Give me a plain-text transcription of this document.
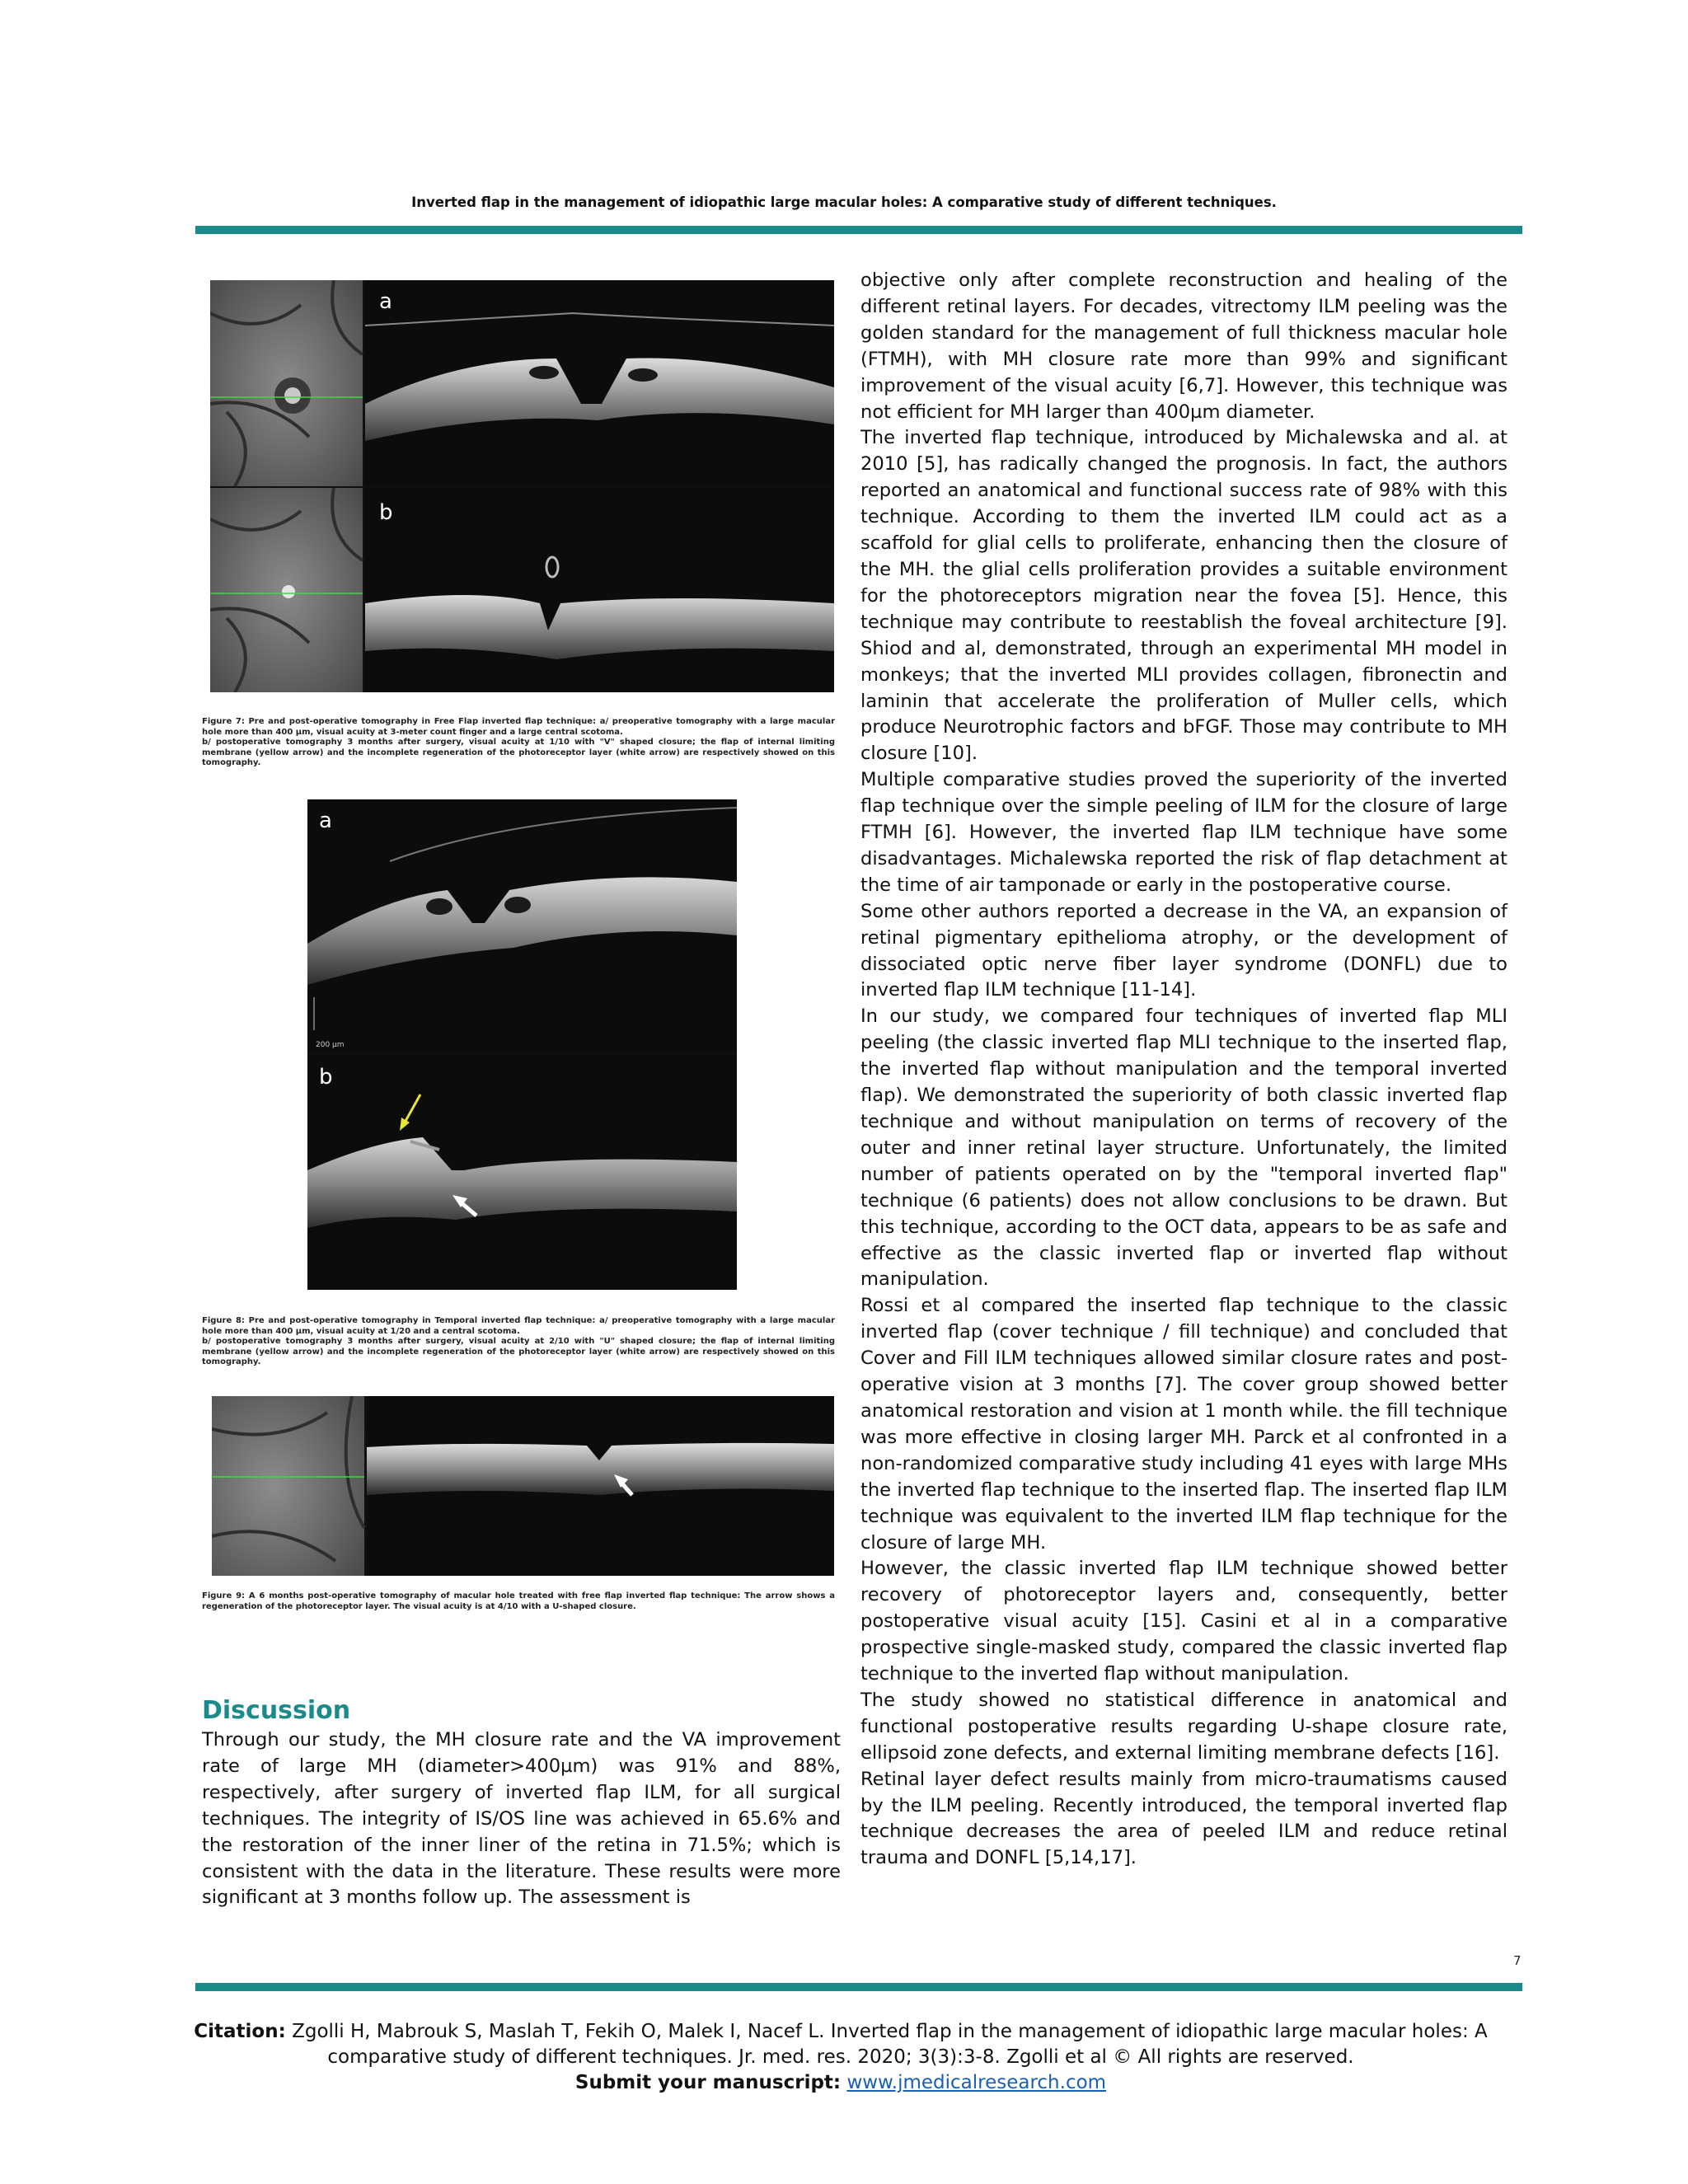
Inverted flap in the management of idiopathic large macular holes: A comparative study of different techniques.
a
b

Figure 7: Pre and post-operative tomography in Free Flap inverted flap technique: a/ preoperative tomography with a large macular hole more than 400 µm, visual acuity at 3-meter count finger and a large central scotoma.

b/ postoperative tomography 3 months after surgery, visual acuity at 1/10 with "V" shaped closure; the flap of internal limiting membrane (yellow arrow) and the incomplete regeneration of the photoreceptor layer (white arrow) are respectively showed on this tomography.

200 µm
a
b

Figure 8: Pre and post-operative tomography in Temporal inverted flap technique: a/ preoperative tomography with a large macular hole more than 400 µm, visual acuity at 1/20 and a central scotoma.

b/ postoperative tomography 3 months after surgery, visual acuity at 2/10 with "U" shaped closure; the flap of internal limiting membrane (yellow arrow) and the incomplete regeneration of the photoreceptor layer (white arrow) are respectively showed on this tomography.

Figure 9: A 6 months post-operative tomography of macular hole treated with free flap inverted flap technique: The arrow shows a regeneration of the photoreceptor layer. The visual acuity is at 4/10 with a U-shaped closure.

Discussion

Through our study, the MH closure rate and the VA improvement rate of large MH (diameter>400µm) was 91% and 88%, respectively, after surgery of inverted flap ILM, for all surgical techniques. The integrity of IS/OS line was achieved in 65.6% and the restoration of the inner liner of the retina in 71.5%; which is consistent with the data in the literature. These results were more significant at 3 months follow up. The assessment is

objective only after complete reconstruction and healing of the different retinal layers. For decades, vitrectomy ILM peeling was the golden standard for the management of full thickness macular hole (FTMH), with MH closure rate more than 99% and significant improvement of the visual acuity [6,7]. However, this technique was not efficient for MH larger than 400µm diameter.

The inverted flap technique, introduced by Michalewska and al. at 2010 [5], has radically changed the prognosis. In fact, the authors reported an anatomical and functional success rate of 98% with this technique. According to them the inverted ILM could act as a scaffold for glial cells to proliferate, enhancing then the closure of the MH. the glial cells proliferation provides a suitable environment for the photoreceptors migration near the fovea [5]. Hence, this technique may contribute to reestablish the foveal architecture [9]. Shiod and al, demonstrated, through an experimental MH model in monkeys; that the inverted MLI provides collagen, fibronectin and laminin that accelerate the proliferation of Muller cells, which produce Neurotrophic factors and bFGF. Those may contribute to MH closure [10].

Multiple comparative studies proved the superiority of the inverted flap technique over the simple peeling of ILM for the closure of large FTMH [6]. However, the inverted flap ILM technique have some disadvantages. Michalewska reported the risk of flap detachment at the time of air tamponade or early in the postoperative course.

Some other authors reported a decrease in the VA, an expansion of retinal pigmentary epithelioma atrophy, or the development of dissociated optic nerve fiber layer syndrome (DONFL) due to inverted flap ILM technique [11-14].

In our study, we compared four techniques of inverted flap MLI peeling (the classic inverted flap MLI technique to the inserted flap, the inverted flap without manipulation and the temporal inverted flap). We demonstrated the superiority of both classic inverted flap technique and without manipulation on terms of recovery of the outer and inner retinal layer structure. Unfortunately, the limited number of patients operated on by the "temporal inverted flap" technique (6 patients) does not allow conclusions to be drawn. But this technique, according to the OCT data, appears to be as safe and effective as the classic inverted flap or inverted flap without manipulation.

Rossi et al compared the inserted flap technique to the classic inverted flap (cover technique / fill technique) and concluded that Cover and Fill ILM techniques allowed similar closure rates and post-operative vision at 3 months [7]. The cover group showed better anatomical restoration and vision at 1 month while. the fill technique was more effective in closing larger MH. Parck et al confronted in a non-randomized comparative study including 41 eyes with large MHs the inverted flap technique to the inserted flap. The inserted flap ILM technique was equivalent to the inverted ILM flap technique for the closure of large MH.

However, the classic inverted flap ILM technique showed better recovery of photoreceptor layers and, consequently, better postoperative visual acuity [15]. Casini et al in a comparative prospective single-masked study, compared the classic inverted flap technique to the inverted flap without manipulation.

The study showed no statistical difference in anatomical and functional postoperative results regarding U-shape closure rate, ellipsoid zone defects, and external limiting membrane defects [16].

Retinal layer defect results mainly from micro-traumatisms caused by the ILM peeling. Recently introduced, the temporal inverted flap technique decreases the area of peeled ILM and reduce retinal trauma and DONFL [5,14,17].

7
Citation: Zgolli H, Mabrouk S, Maslah T, Fekih O, Malek I, Nacef L. Inverted flap in the management of idiopathic large macular holes: A comparative study of different techniques. Jr. med. res. 2020; 3(3):3-8. Zgolli et al © All rights are reserved.
Submit your manuscript: www.jmedicalresearch.com
